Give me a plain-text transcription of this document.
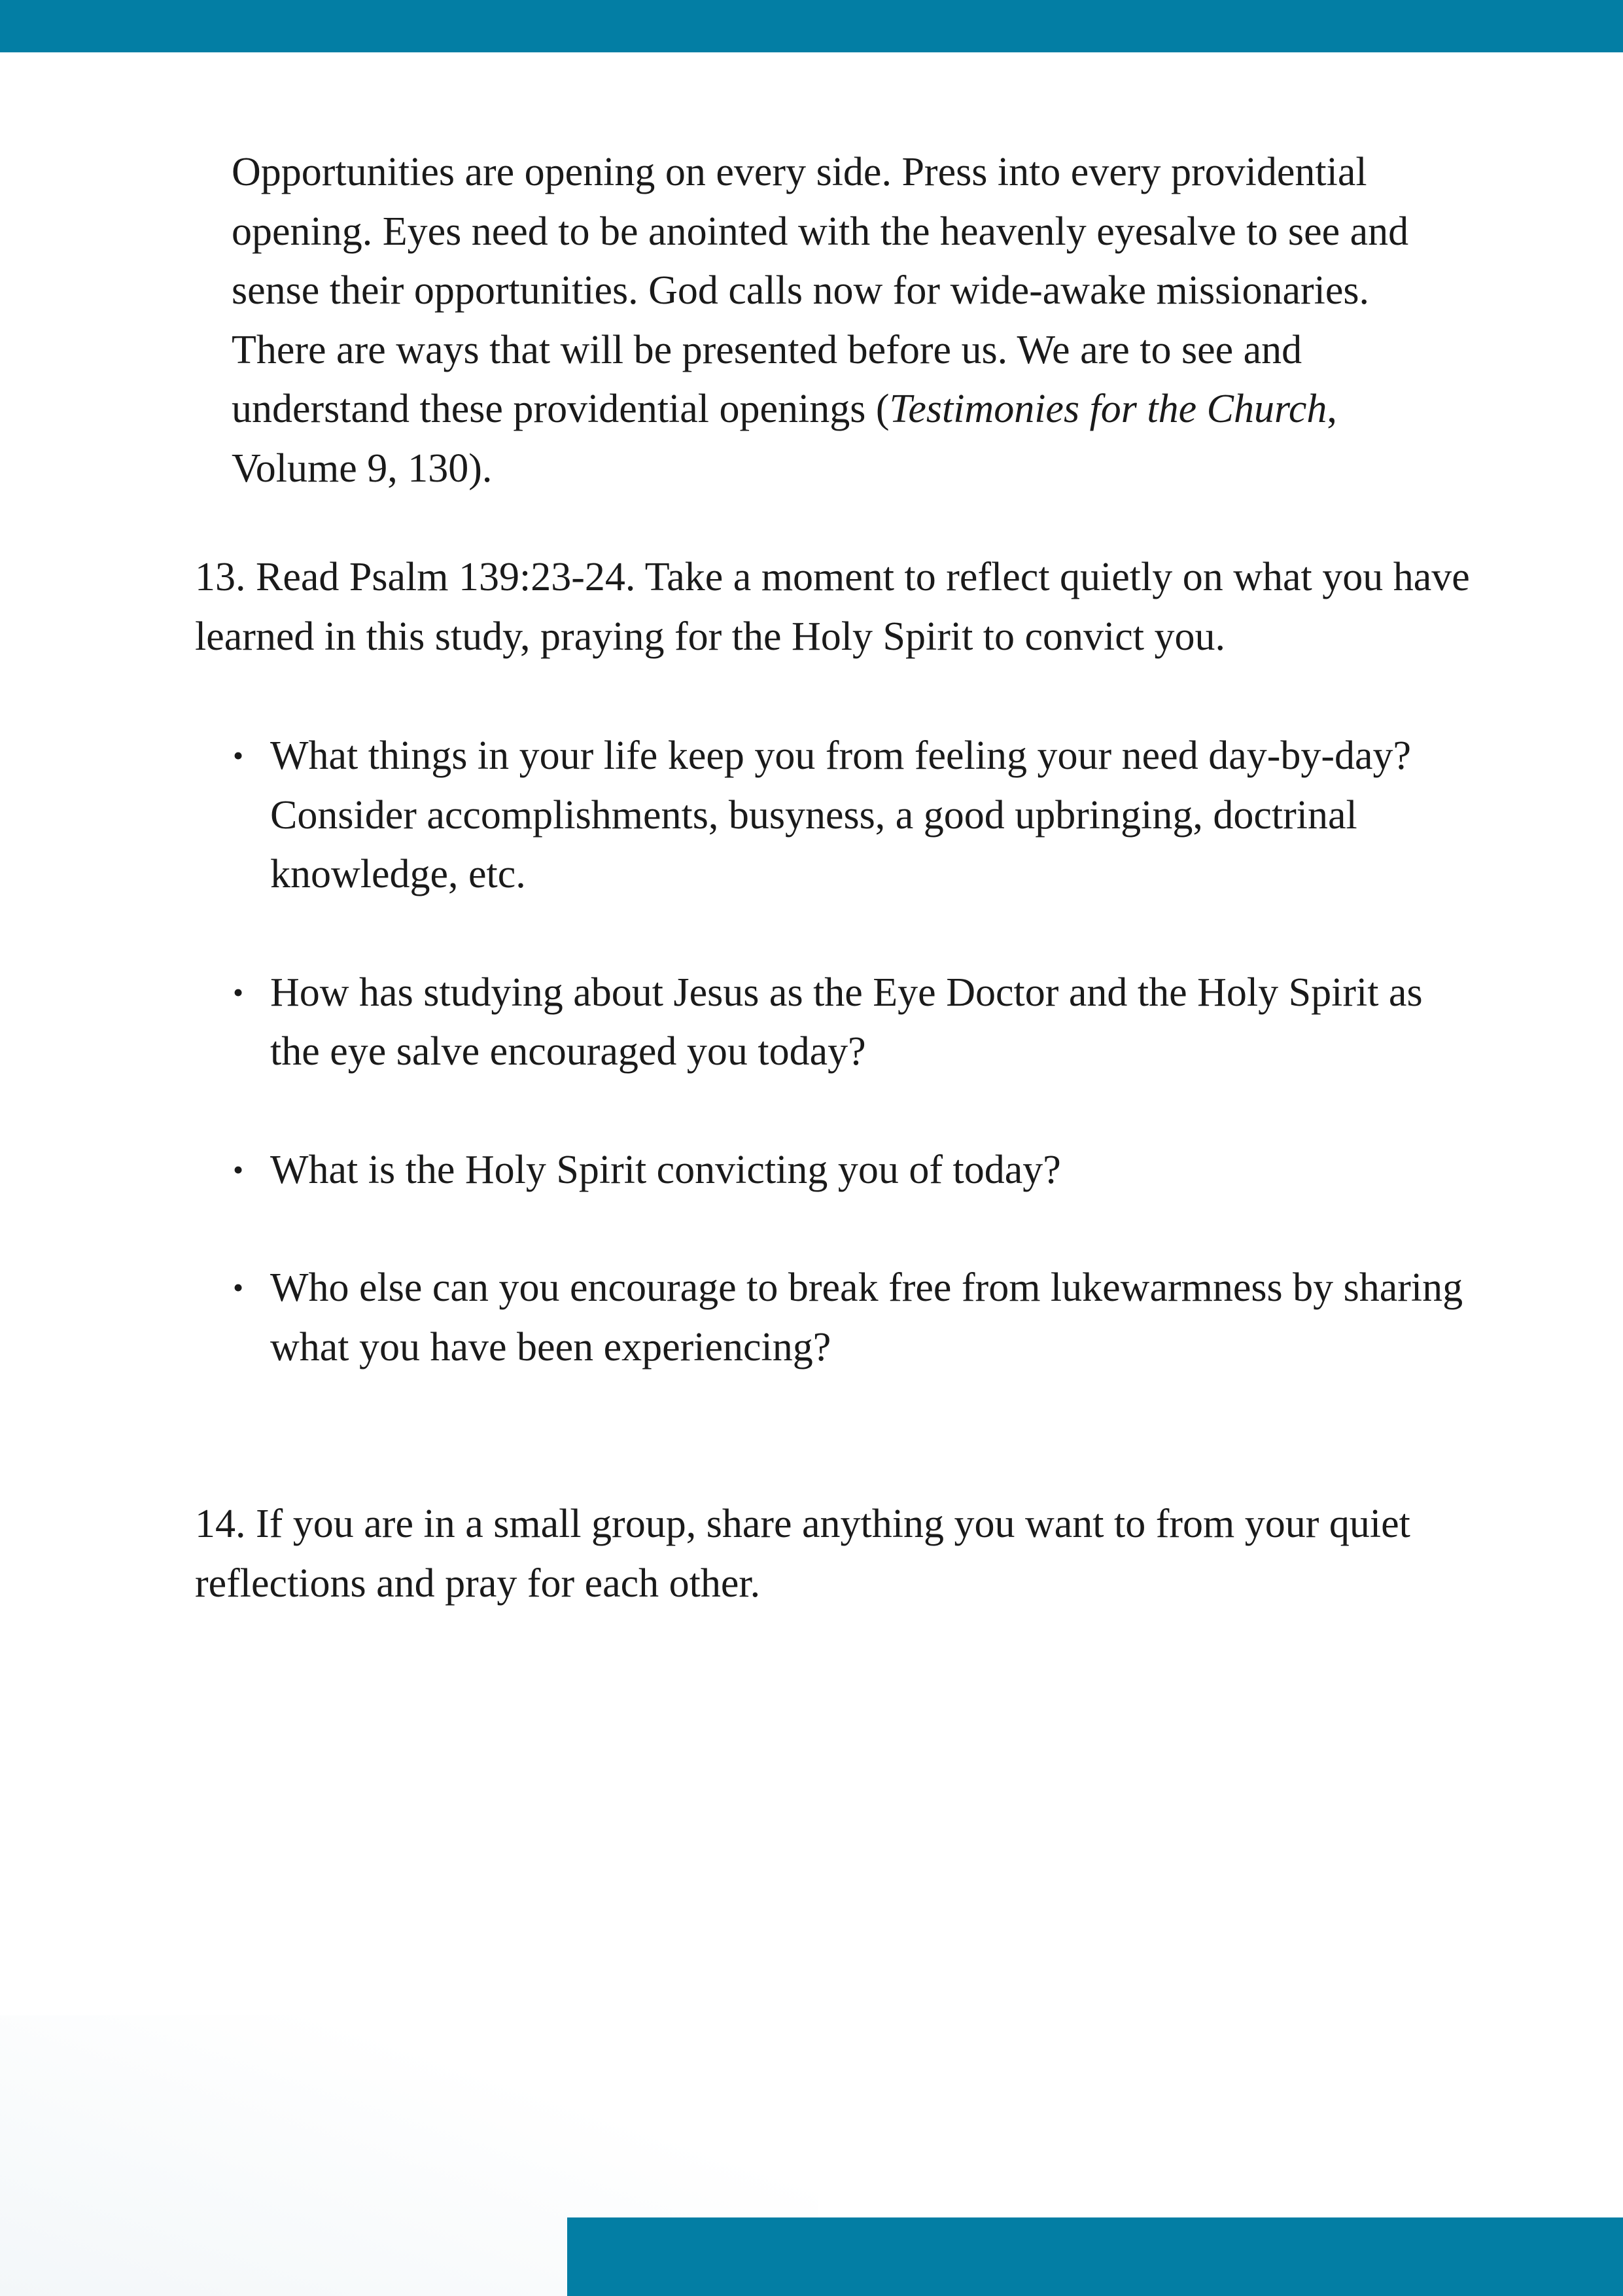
Opportunities are opening on every side. Press into every providential opening. Eyes need to be anointed with the heavenly eyesalve to see and sense their opportunities. God calls now for wide-awake missionaries. There are ways that will be presented before us. We are to see and understand these providential openings (Testimonies for the Church, Volume 9, 130).

13. Read Psalm 139:23-24. Take a moment to reflect quietly on what you have learned in this study, praying for the Holy Spirit to convict you.

• What things in your life keep you from feeling your need day-by-day? Consider accomplishments, busyness, a good upbringing, doctrinal knowledge, etc.
• How has studying about Jesus as the Eye Doctor and the Holy Spirit as the eye salve encouraged you today?
• What is the Holy Spirit convicting you of today?
• Who else can you encourage to break free from lukewarmness by sharing what you have been experiencing?

14. If you are in a small group, share anything you want to from your quiet reflections and pray for each other.
